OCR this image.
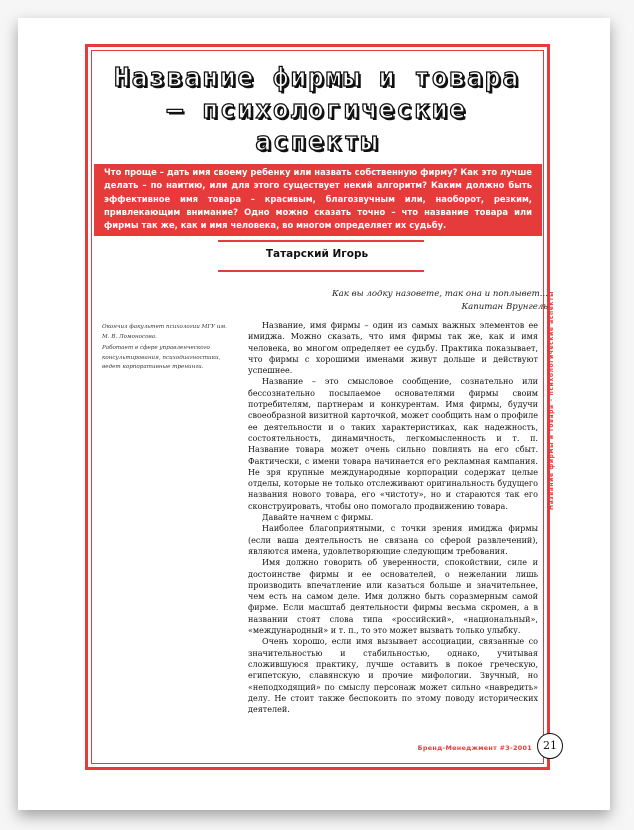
Название фирмы и товара
– психологические
аспекты
Что проще – дать имя своему ребенку или назвать собственную фирму? Как это лучше делать – по наитию, или для этого существует некий алгоритм? Каким должно быть эффективное имя товара – красивым, благозвучным или, наоборот, резким, привлекающим внимание? Одно можно сказать точно – что название товара или фирмы так же, как и имя человека, во многом определяет их судьбу.
Татарский Игорь
Как вы лодку назовете, так она и поплывет...
Капитан Врунгель

Окончил факультет психологии МГУ им. М. В. Ломоносова.

Работает в сфере управленческого консультирования, психодиагностики, ведет корпоративные тренинги.

Название, имя фирмы – один из самых важных элементов ее имиджа. Можно сказать, что имя фирмы так же, как и имя человека, во многом определяет ее судьбу. Практика показывает, что фирмы с хорошими именами живут дольше и действуют успешнее.

Название – это смысловое сообщение, сознательно или бессознательно посылаемое основателями фирмы своим потребителям, партнерам и конкурентам. Имя фирмы, будучи своеобразной визитной карточкой, может сообщить нам о профиле ее деятельности и о таких характеристиках, как надежность, состоятельность, динамичность, легкомысленность и т. п. Название товара может очень сильно повлиять на его сбыт. Фактически, с имени товара начинается его рекламная кампания. Не зря крупные международные корпорации содержат целые отделы, которые не только отслеживают оригинальность будущего названия нового товара, его «чистоту», но и стараются так его сконструировать, чтобы оно помогало продвижению товара.

Давайте начнем с фирмы.

Наиболее благоприятными, с точки зрения имиджа фирмы (если ваша деятельность не связана со сферой развлечений), являются имена, удовлетворяющие следующим требования.

Имя должно говорить об уверенности, спокойствии, силе и достоинстве фирмы и ее основателей, о нежелании лишь производить впечатление или казаться больше и значительнее, чем есть на самом деле. Имя должно быть соразмерным самой фирме. Если масштаб деятельности фирмы весьма скромен, а в названии стоят слова типа «российский», «национальный», «международный» и т. п., то это может вызвать только улыбку.

Очень хорошо, если имя вызывает ассоциации, связанные со значительностью и стабильностью, однако, учитывая сложившуюся практику, лучше оставить в покое греческую, египетскую, славянскую и прочие мифологии. Звучный, но «неподходящий» по смыслу персонаж может сильно «навредить» делу. Не стоит также беспокоить по этому поводу исторических деятелей.

Название фирмы и товара – психологические аспекты
Бренд-Менеджмент #3-2001	21
